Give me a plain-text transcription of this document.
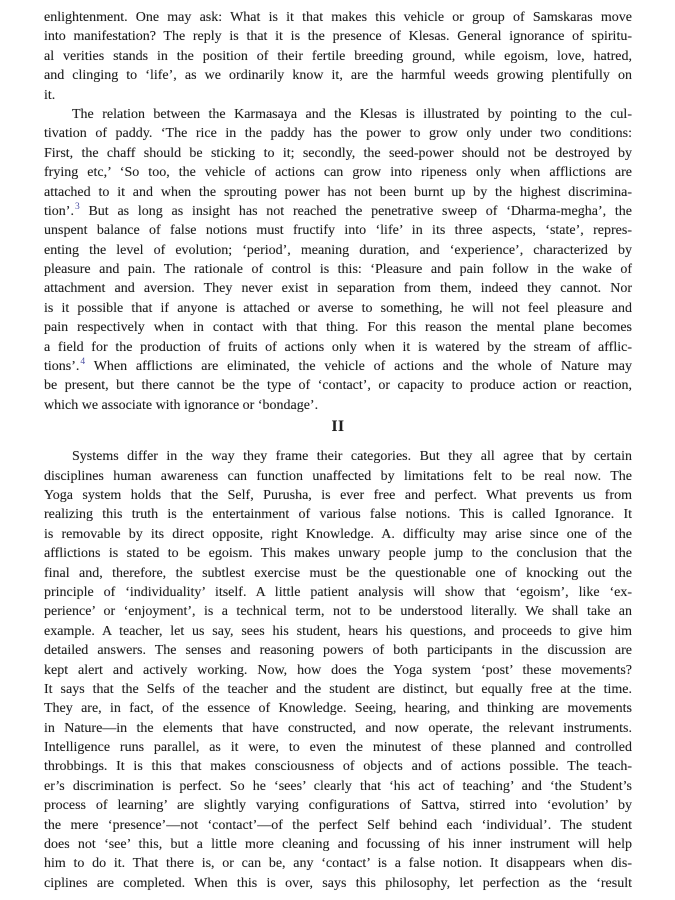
enlightenment. One may ask: What is it that makes this vehicle or group of Samskaras move
into manifestation? The reply is that it is the presence of Klesas. General ignorance of spiritu-
al verities stands in the position of their fertile breeding ground, while egoism, love, hatred,
and clinging to ‘life’, as we ordinarily know it, are the harmful weeds growing plentifully on
it.
The relation between the Karmasaya and the Klesas is illustrated by pointing to the cul-
tivation of paddy. ‘The rice in the paddy has the power to grow only under two conditions:
First, the chaff should be sticking to it; secondly, the seed-power should not be destroyed by
frying etc,’ ‘So too, the vehicle of actions can grow into ripeness only when afflictions are
attached to it and when the sprouting power has not been burnt up by the highest discrimina-
tion’.$^3$ But as long as insight has not reached the penetrative sweep of ‘Dharma-megha’, the
unspent balance of false notions must fructify into ‘life’ in its three aspects, ‘state’, repres-
enting the level of evolution; ‘period’, meaning duration, and ‘experience’, characterized by
pleasure and pain. The rationale of control is this: ‘Pleasure and pain follow in the wake of
attachment and aversion. They never exist in separation from them, indeed they cannot. Nor
is it possible that if anyone is attached or averse to something, he will not feel pleasure and
pain respectively when in contact with that thing. For this reason the mental plane becomes
a field for the production of fruits of actions only when it is watered by the stream of afflic-
tions’.$^4$ When afflictions are eliminated, the vehicle of actions and the whole of Nature may
be present, but there cannot be the type of ‘contact’, or capacity to produce action or reaction,
which we associate with ignorance or ‘bondage’.
II
Systems differ in the way they frame their categories. But they all agree that by certain
disciplines human awareness can function unaffected by limitations felt to be real now. The
Yoga system holds that the Self, Purusha, is ever free and perfect. What prevents us from
realizing this truth is the entertainment of various false notions. This is called Ignorance. It
is removable by its direct opposite, right Knowledge. A. difficulty may arise since one of the
afflictions is stated to be egoism. This makes unwary people jump to the conclusion that the
final and, therefore, the subtlest exercise must be the questionable one of knocking out the
principle of ‘individuality’ itself. A little patient analysis will show that ‘egoism’, like ‘ex-
perience’ or ‘enjoyment’, is a technical term, not to be understood literally. We shall take an
example. A teacher, let us say, sees his student, hears his questions, and proceeds to give him
detailed answers. The senses and reasoning powers of both participants in the discussion are
kept alert and actively working. Now, how does the Yoga system ‘post’ these movements?
It says that the Selfs of the teacher and the student are distinct, but equally free at the time.
They are, in fact, of the essence of Knowledge. Seeing, hearing, and thinking are movements
in Nature—in the elements that have constructed, and now operate, the relevant instruments.
Intelligence runs parallel, as it were, to even the minutest of these planned and controlled
throbbings. It is this that makes consciousness of objects and of actions possible. The teach-
er’s discrimination is perfect. So he ‘sees’ clearly that ‘his act of teaching’ and ‘the Student’s
process of learning’ are slightly varying configurations of Sattva, stirred into ‘evolution’ by
the mere ‘presence’—not ‘contact’—of the perfect Self behind each ‘individual’. The student
does not ‘see’ this, but a little more cleaning and focussing of his inner instrument will help
him to do it. That there is, or can be, any ‘contact’ is a false notion. It disappears when dis-
ciplines are completed. When this is over, says this philosophy, let perfection as the ‘result
